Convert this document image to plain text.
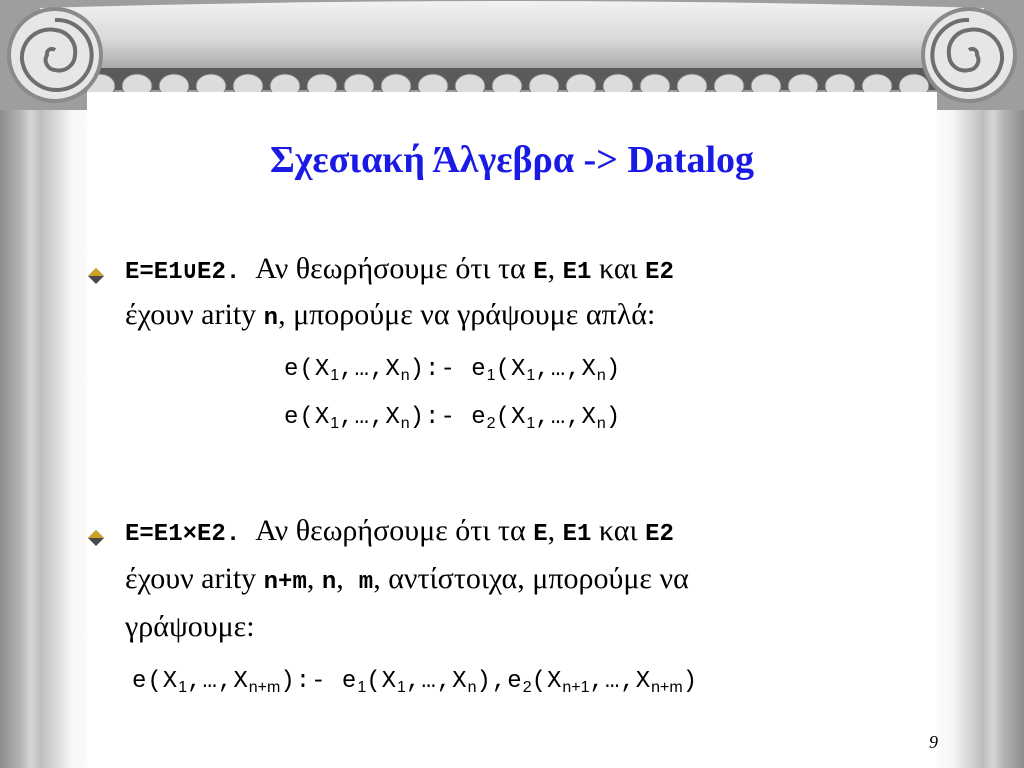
Σχεσιακή Άλγεβρα -> Datalog
E=E1∪E2. Αν θεωρήσουμε ότι τα E, E1 και E2
έχουν arity n, μπορούμε να γράψουμε απλά:
$e(X_1,\dots,X_n):-$ $e_1(X_1,\dots,X_n)$
$e(X_1,\dots,X_n):-$ $e_2(X_1,\dots,X_n)$
E=E1×E2. Αν θεωρήσουμε ότι τα E, E1 και E2
έχουν arity n+m, n,  m, αντίστοιχα, μπορούμε να
γράψουμε:
$e(X_1,\dots,X_{n+m}):-$ $e_1(X_1,\dots,X_n),e_2(X_{n+1},\dots,X_{n+m})$
9
